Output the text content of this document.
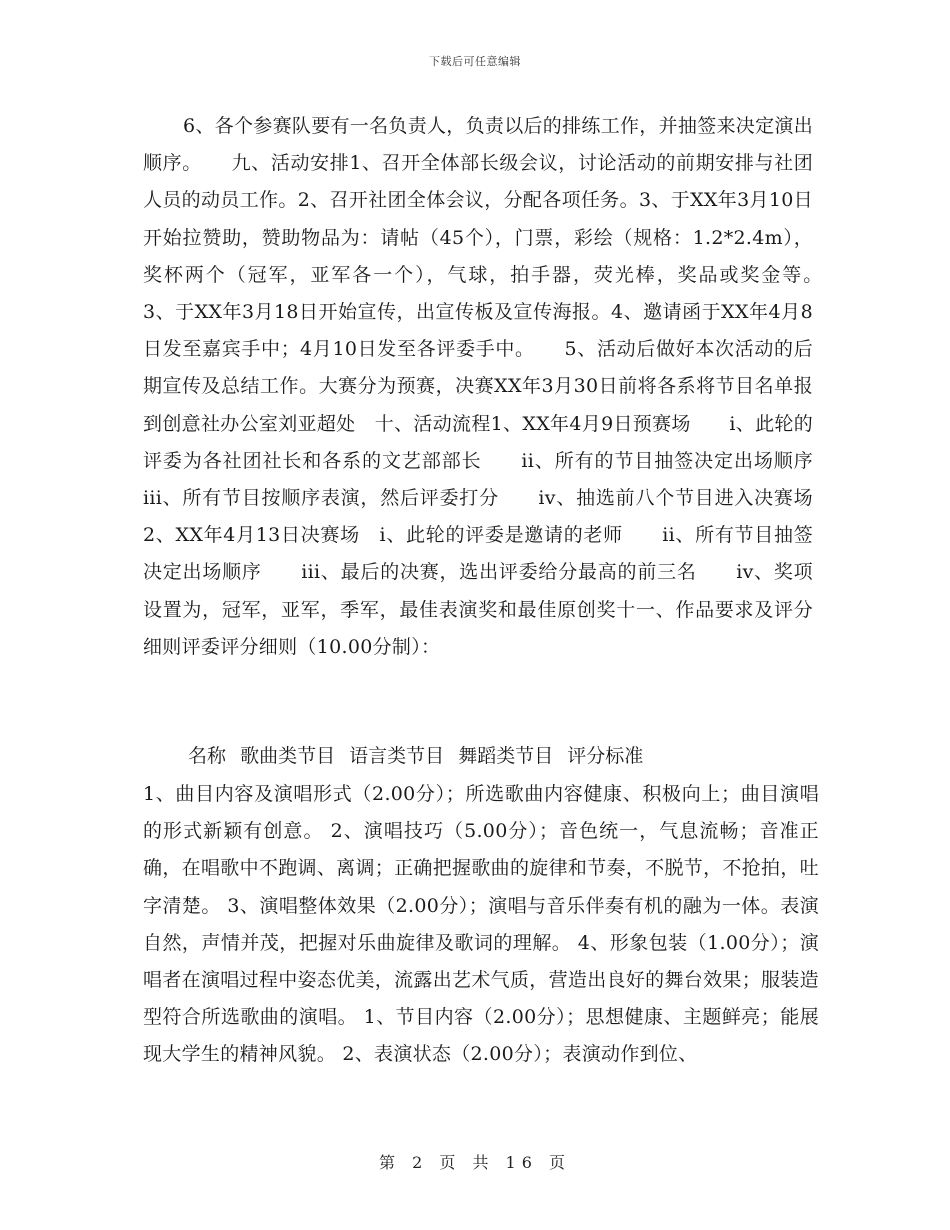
下载后可任意编辑

6、各个参赛队要有一名负责人，负责以后的排练工作，并抽签来决定演出顺序。　　九、活动安排1、召开全体部长级会议，讨论活动的前期安排与社团人员的动员工作。2、召开社团全体会议，分配各项任务。3、于XX年3月10日开始拉赞助，赞助物品为：请帖（45个），门票，彩绘（规格：1.2*2.4m），奖杯两个（冠军，亚军各一个），气球，拍手器，荧光棒，奖品或奖金等。　　3、于XX年3月18日开始宣传，出宣传板及宣传海报。4、邀请函于XX年4月8日发至嘉宾手中；4月10日发至各评委手中。　　5、活动后做好本次活动的后期宣传及总结工作。大赛分为预赛，决赛XX年3月30日前将各系将节目名单报到创意社办公室刘亚超处　十、活动流程1、XX年4月9日预赛场　　i、此轮的评委为各社团社长和各系的文艺部部长　　ii、所有的节目抽签决定出场顺序　　iii、所有节目按顺序表演，然后评委打分　　iv、抽选前八个节目进入决赛场2、XX年4月13日决赛场　i、此轮的评委是邀请的老师　　ii、所有节目抽签决定出场顺序　　iii、最后的决赛，选出评委给分最高的前三名　　iv、奖项设置为，冠军，亚军，季军，最佳表演奖和最佳原创奖十一、作品要求及评分细则评委评分细则（10.00分制）：

名称 歌曲类节目 语言类节目 舞蹈类节目 评分标准
1、曲目内容及演唱形式（2.00分）；所选歌曲内容健康、积极向上；曲目演唱的形式新颖有创意。 2、演唱技巧（5.00分）；音色统一，气息流畅；音准正确，在唱歌中不跑调、离调；正确把握歌曲的旋律和节奏，不脱节，不抢拍，吐字清楚。 3、演唱整体效果（2.00分）；演唱与音乐伴奏有机的融为一体。表演自然，声情并茂，把握对乐曲旋律及歌词的理解。 4、形象包装（1.00分）；演唱者在演唱过程中姿态优美，流露出艺术气质，营造出良好的舞台效果；服装造型符合所选歌曲的演唱。 1、节目内容（2.00分）；思想健康、主题鲜亮；能展现大学生的精神风貌。 2、表演状态（2.00分）；表演动作到位、
第 2 页 共 16 页
